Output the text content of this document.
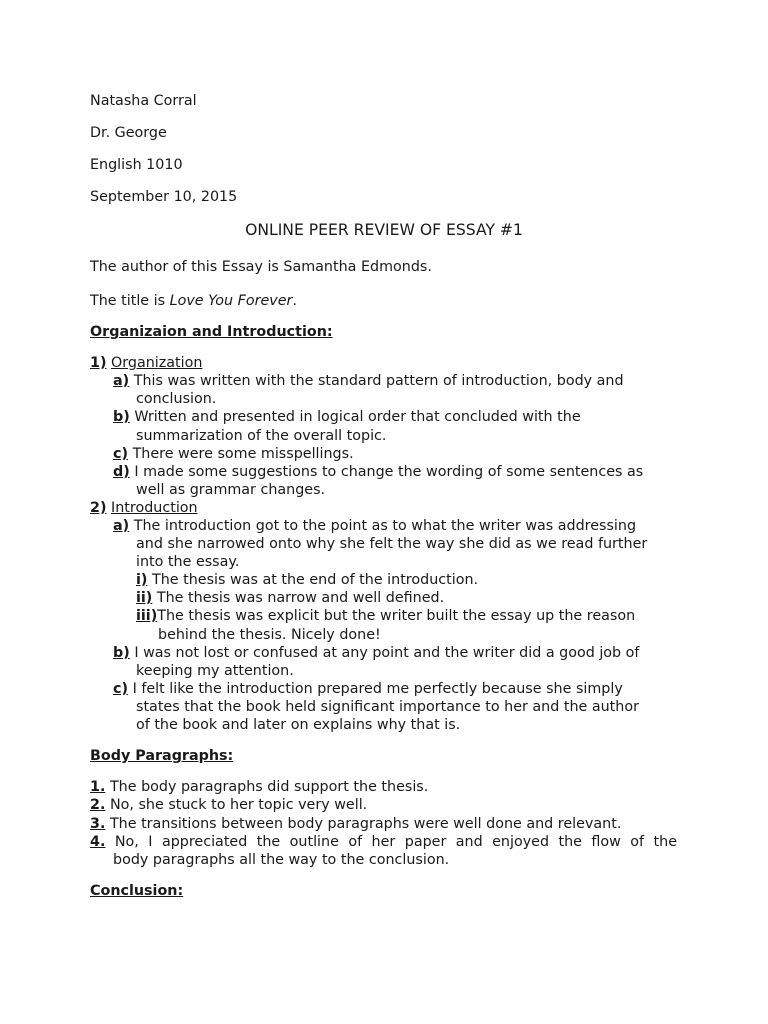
Natasha Corral

Dr. George

English 1010

September 10, 2015

ONLINE PEER REVIEW OF ESSAY #1

The author of this Essay is Samantha Edmonds.

The title is Love You Forever.

Organizaion and Introduction:

1) Organization

a) This was written with the standard pattern of introduction, body and

conclusion.

b) Written and presented in logical order that concluded with the

summarization of the overall topic.

c) There were some misspellings.

d) I made some suggestions to change the wording of some sentences as

well as grammar changes.

2) Introduction

a) The introduction got to the point as to what the writer was addressing

and she narrowed onto why she felt the way she did as we read further

into the essay.

i) The thesis was at the end of the introduction.

ii) The thesis was narrow and well defined.

iii)The thesis was explicit but the writer built the essay up the reason

behind the thesis. Nicely done!

b) I was not lost or confused at any point and the writer did a good job of

keeping my attention.

c) I felt like the introduction prepared me perfectly because she simply

states that the book held significant importance to her and the author

of the book and later on explains why that is.

Body Paragraphs:

1. The body paragraphs did support the thesis.

2. No, she stuck to her topic very well.

3. The transitions between body paragraphs were well done and relevant.

4. No, I appreciated the outline of her paper and enjoyed the flow of the

body paragraphs all the way to the conclusion.

Conclusion:
